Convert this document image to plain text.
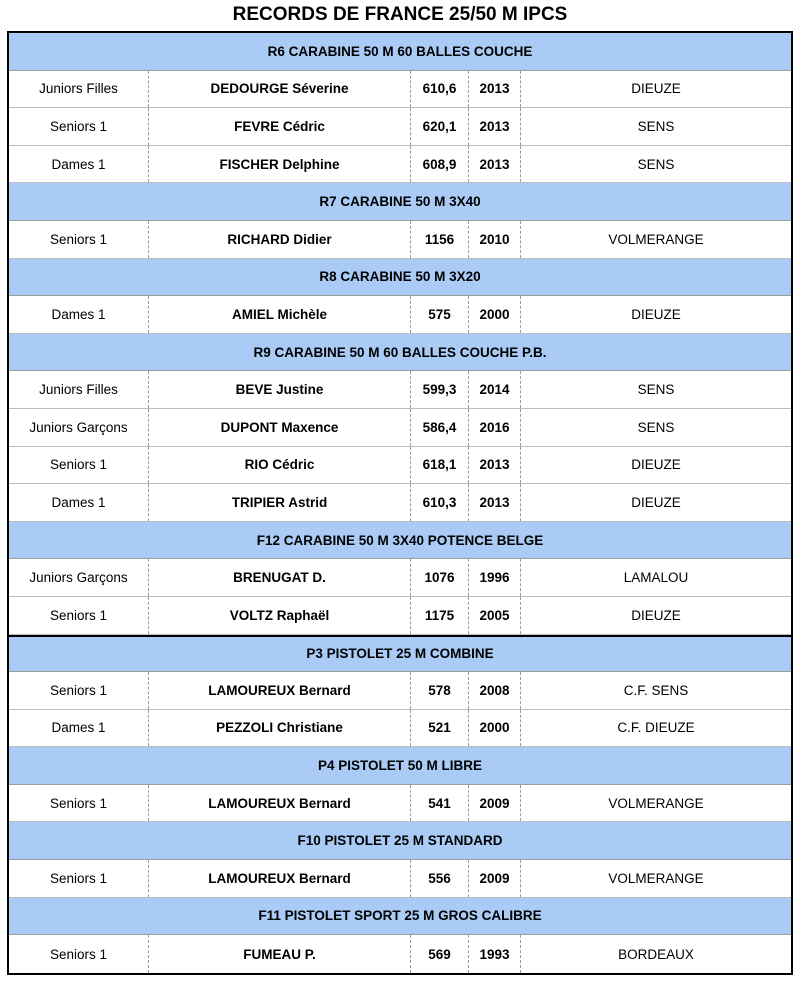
RECORDS DE FRANCE 25/50 M IPCS
R6 CARABINE 50 M 60 BALLES COUCHE
Juniors Filles	DEDOURGE Séverine	610,6	2013	DIEUZE
Seniors 1	FEVRE Cédric	620,1	2013	SENS
Dames 1	FISCHER Delphine	608,9	2013	SENS
R7 CARABINE 50 M 3X40
Seniors 1	RICHARD Didier	1156	2010	VOLMERANGE
R8 CARABINE 50 M 3X20
Dames 1	AMIEL Michèle	575	2000	DIEUZE
R9 CARABINE 50 M 60 BALLES COUCHE P.B.
Juniors Filles	BEVE Justine	599,3	2014	SENS
Juniors Garçons	DUPONT Maxence	586,4	2016	SENS
Seniors 1	RIO Cédric	618,1	2013	DIEUZE
Dames 1	TRIPIER Astrid	610,3	2013	DIEUZE
F12 CARABINE 50 M 3X40 POTENCE BELGE
Juniors Garçons	BRENUGAT D.	1076	1996	LAMALOU
Seniors 1	VOLTZ Raphaël	1175	2005	DIEUZE
P3 PISTOLET 25 M COMBINE
Seniors 1	LAMOUREUX Bernard	578	2008	C.F. SENS
Dames 1	PEZZOLI Christiane	521	2000	C.F. DIEUZE
P4 PISTOLET 50 M LIBRE
Seniors 1	LAMOUREUX Bernard	541	2009	VOLMERANGE
F10 PISTOLET 25 M STANDARD
Seniors 1	LAMOUREUX Bernard	556	2009	VOLMERANGE
F11 PISTOLET SPORT 25 M GROS CALIBRE
Seniors 1	FUMEAU P.	569	1993	BORDEAUX
